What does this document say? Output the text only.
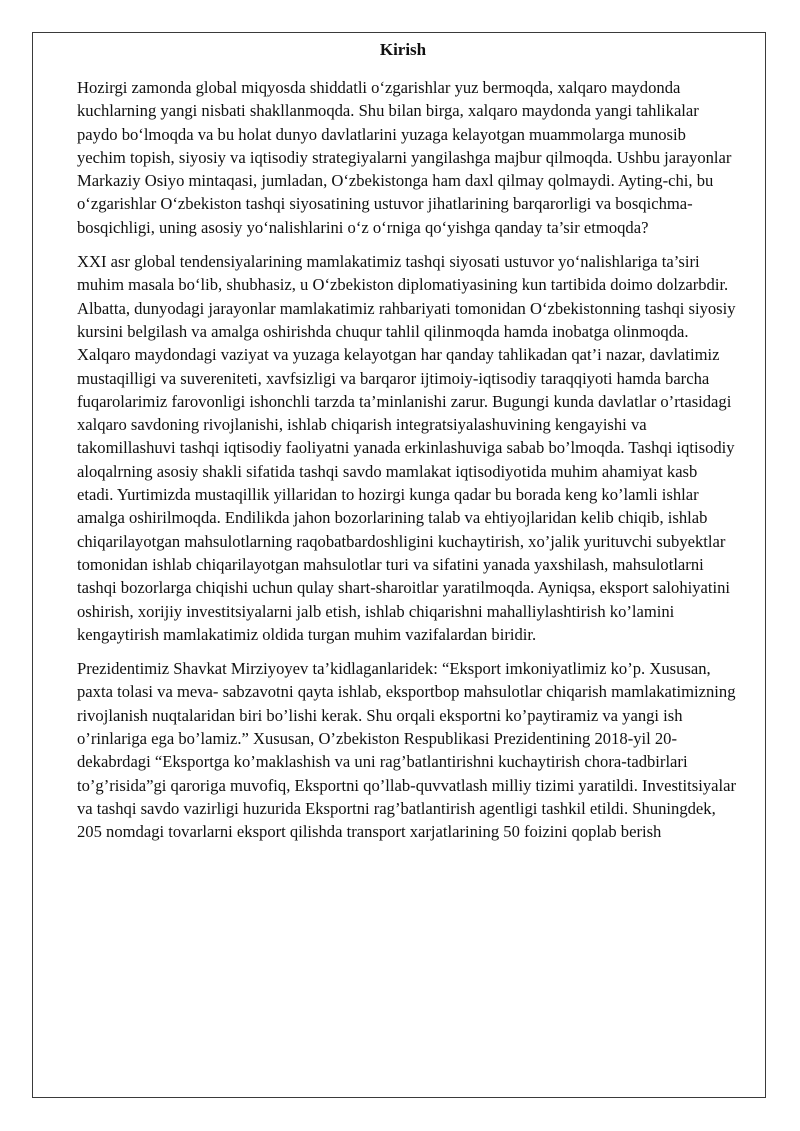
Kirish

Hozirgi zamonda global miqyosda shiddatli o‘zgarishlar yuz bermoqda, xalqaro maydonda kuchlarning yangi nisbati shakllanmoqda. Shu bilan birga, xalqaro maydonda yangi tahlikalar paydo bo‘lmoqda va bu holat dunyo davlatlarini yuzaga kelayotgan muammolarga munosib yechim topish, siyosiy va iqtisodiy strategiyalarni yangilashga majbur qilmoqda. Ushbu jarayonlar Markaziy Osiyo mintaqasi, jumladan, O‘zbekistonga ham daxl qilmay qolmaydi. Ayting-chi, bu o‘zgarishlar O‘zbekiston tashqi siyosatining ustuvor jihatlarining barqarorligi va bosqichma-bosqichligi, uning asosiy yo‘nalishlarini o‘z o‘rniga qo‘yishga qanday ta’sir etmoqda?

XXI asr global tendensiyalarining mamlakatimiz tashqi siyosati ustuvor yo‘nalishlariga ta’siri muhim masala bo‘lib, shubhasiz, u O‘zbekiston diplomatiyasining kun tartibida doimo dolzarbdir. Albatta, dunyodagi jarayonlar mamlakatimiz rahbariyati tomonidan O‘zbekistonning tashqi siyosiy kursini belgilash va amalga oshirishda chuqur tahlil qilinmoqda hamda inobatga olinmoqda. Xalqaro maydondagi vaziyat va yuzaga kelayotgan har qanday tahlikadan qat’i nazar, davlatimiz mustaqilligi va suvereniteti, xavfsizligi va barqaror ijtimoiy-iqtisodiy taraqqiyoti hamda barcha fuqarolarimiz farovonligi ishonchli tarzda ta’minlanishi zarur. Bugungi kunda davlatlar o’rtasidagi xalqaro savdoning rivojlanishi, ishlab chiqarish integratsiyalashuvining kengayishi va takomillashuvi tashqi iqtisodiy faoliyatni yanada erkinlashuviga sabab bo’lmoqda. Tashqi iqtisodiy aloqalrning asosiy shakli sifatida tashqi savdo mamlakat iqtisodiyotida muhim ahamiyat kasb etadi. Yurtimizda mustaqillik yillaridan to hozirgi kunga qadar bu borada keng ko’lamli ishlar amalga oshirilmoqda. Endilikda jahon bozorlarining talab va ehtiyojlaridan kelib chiqib, ishlab chiqarilayotgan mahsulotlarning raqobatbardoshligini kuchaytirish, xo’jalik yurituvchi subyektlar tomonidan ishlab chiqarilayotgan mahsulotlar turi va sifatini yanada yaxshilash, mahsulotlarni tashqi bozorlarga chiqishi uchun qulay shart-sharoitlar yaratilmoqda. Ayniqsa, eksport salohiyatini oshirish, xorijiy investitsiyalarni jalb etish, ishlab chiqarishni mahalliylashtirish ko’lamini kengaytirish mamlakatimiz oldida turgan muhim vazifalardan biridir.

Prezidentimiz Shavkat Mirziyoyev ta’kidlaganlaridek: “Eksport imkoniyatlimiz ko’p. Xususan, paxta tolasi va meva- sabzavotni qayta ishlab, eksportbop mahsulotlar chiqarish mamlakatimizning rivojlanish nuqtalaridan biri bo’lishi kerak. Shu orqali eksportni ko’paytiramiz va yangi ish o’rinlariga ega bo’lamiz.” Xususan, O’zbekiston Respublikasi Prezidentining 2018-yil 20-dekabrdagi “Eksportga ko’maklashish va uni rag’batlantirishni kuchaytirish chora-tadbirlari to’g’risida”gi qaroriga muvofiq, Eksportni qo’llab-quvvatlash milliy tizimi yaratildi. Investitsiyalar va tashqi savdo vazirligi huzurida Eksportni rag’batlantirish agentligi tashkil etildi. Shuningdek, 205 nomdagi tovarlarni eksport qilishda transport xarjatlarining 50 foizini qoplab berish
